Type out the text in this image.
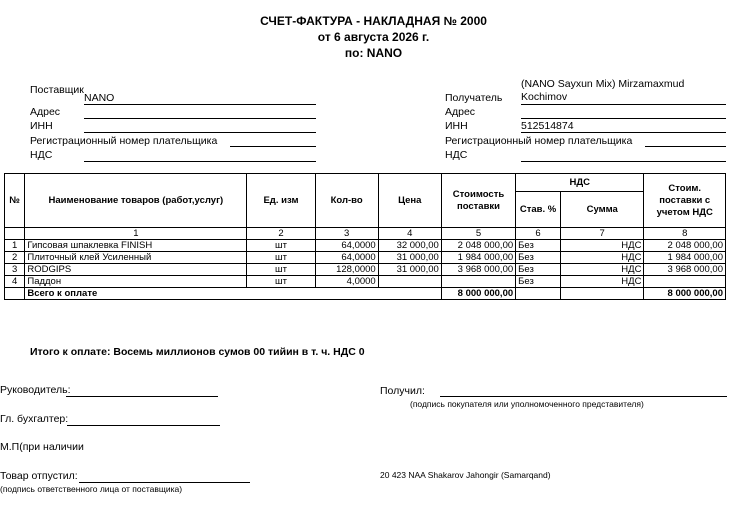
СЧЕТ-ФАКТУРА - НАКЛАДНАЯ № 2000
от 6 августа 2026 г.
по: NANO
Поставщик
NANO
Адрес
ИНН
Регистрационный номер плательщика
НДС
(NANO Sayxun Mix) Mirzamaxmud
Kochimov
Получатель
Адрес
ИНН	512514874
Регистрационный номер плательщика
НДС
№	Наименование товаров (работ,услуг)	Ед. изм	Кол-во	Цена	Стоимость поставки	НДС		Стоим. поставки с учетом НДС
						Став. %	Сумма	
	1	2	3	4	5	6	7	8
1	Гипсовая шпаклевка FINISH	шт	64,0000	32 000,00	2 048 000,00	Без	НДС	2 048 000,00
2	Плиточный клей Усиленный	шт	64,0000	31 000,00	1 984 000,00	Без	НДС	1 984 000,00
3	RODGIPS	шт	128,0000	31 000,00	3 968 000,00	Без	НДС	3 968 000,00
4	Паддон	шт	4,0000			Без	НДС	
	Всего к оплате				8 000 000,00			8 000 000,00
Итого к оплате: Восемь миллионов сумов 00 тийин в т. ч. НДС 0
Руководитель:
Гл. бухгалтер:
М.П(при наличии
Товар отпустил:
(подпись ответственного лица от поставщика)
Получил:
(подпись покупателя или уполномоченного представителя)
20 423 NAA Shakarov Jahongir (Samarqand)
